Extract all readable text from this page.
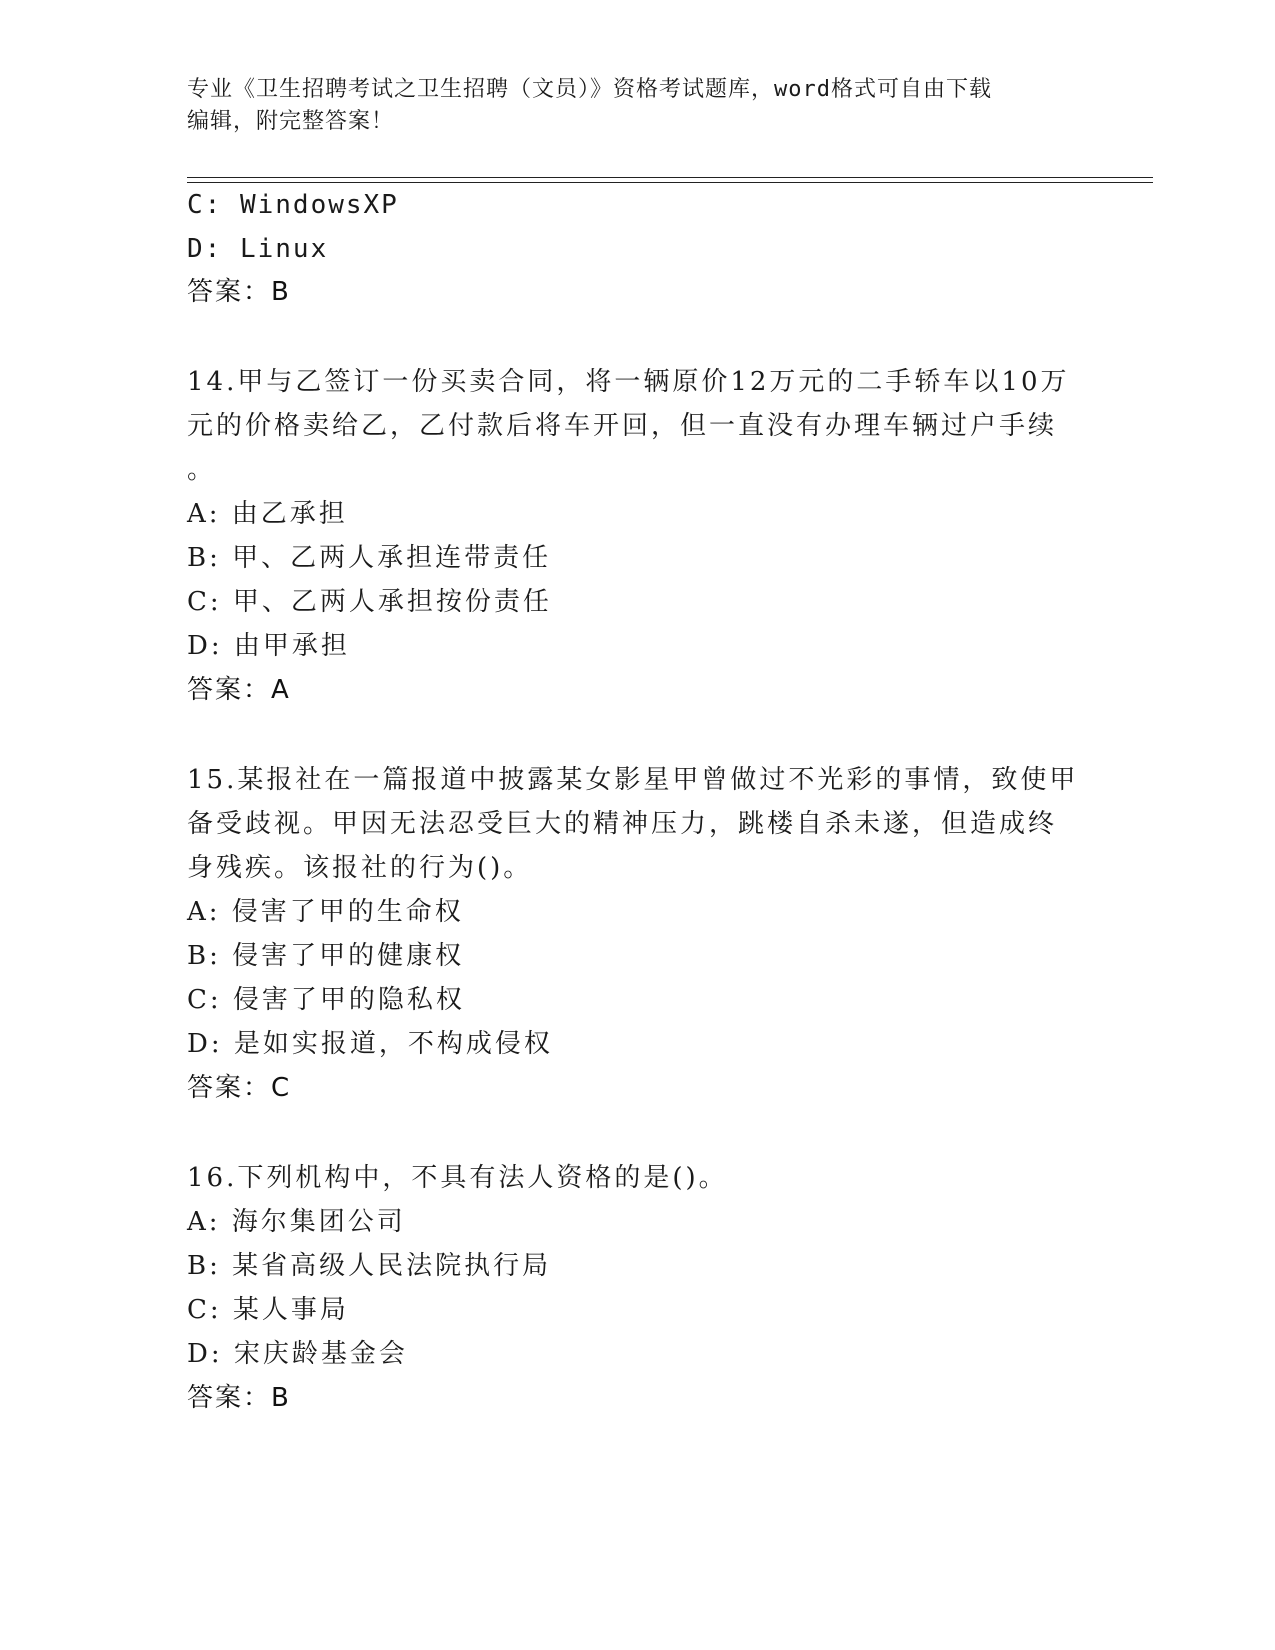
专业《卫生招聘考试之卫生招聘（文员）》资格考试题库，word格式可自由下载
编辑，附完整答案！
C: WindowsXP
D: Linux
答案：B
14.甲与乙签订一份买卖合同，将一辆原价12万元的二手轿车以10万
元的价格卖给乙，乙付款后将车开回，但一直没有办理车辆过户手续
。
A: 由乙承担
B: 甲、乙两人承担连带责任
C: 甲、乙两人承担按份责任
D: 由甲承担
答案：A
15.某报社在一篇报道中披露某女影星甲曾做过不光彩的事情，致使甲
备受歧视。甲因无法忍受巨大的精神压力，跳楼自杀未遂，但造成终
身残疾。该报社的行为()。
A: 侵害了甲的生命权
B: 侵害了甲的健康权
C: 侵害了甲的隐私权
D: 是如实报道，不构成侵权
答案：C
16.下列机构中，不具有法人资格的是()。
A: 海尔集团公司
B: 某省高级人民法院执行局
C: 某人事局
D: 宋庆龄基金会
答案：B
